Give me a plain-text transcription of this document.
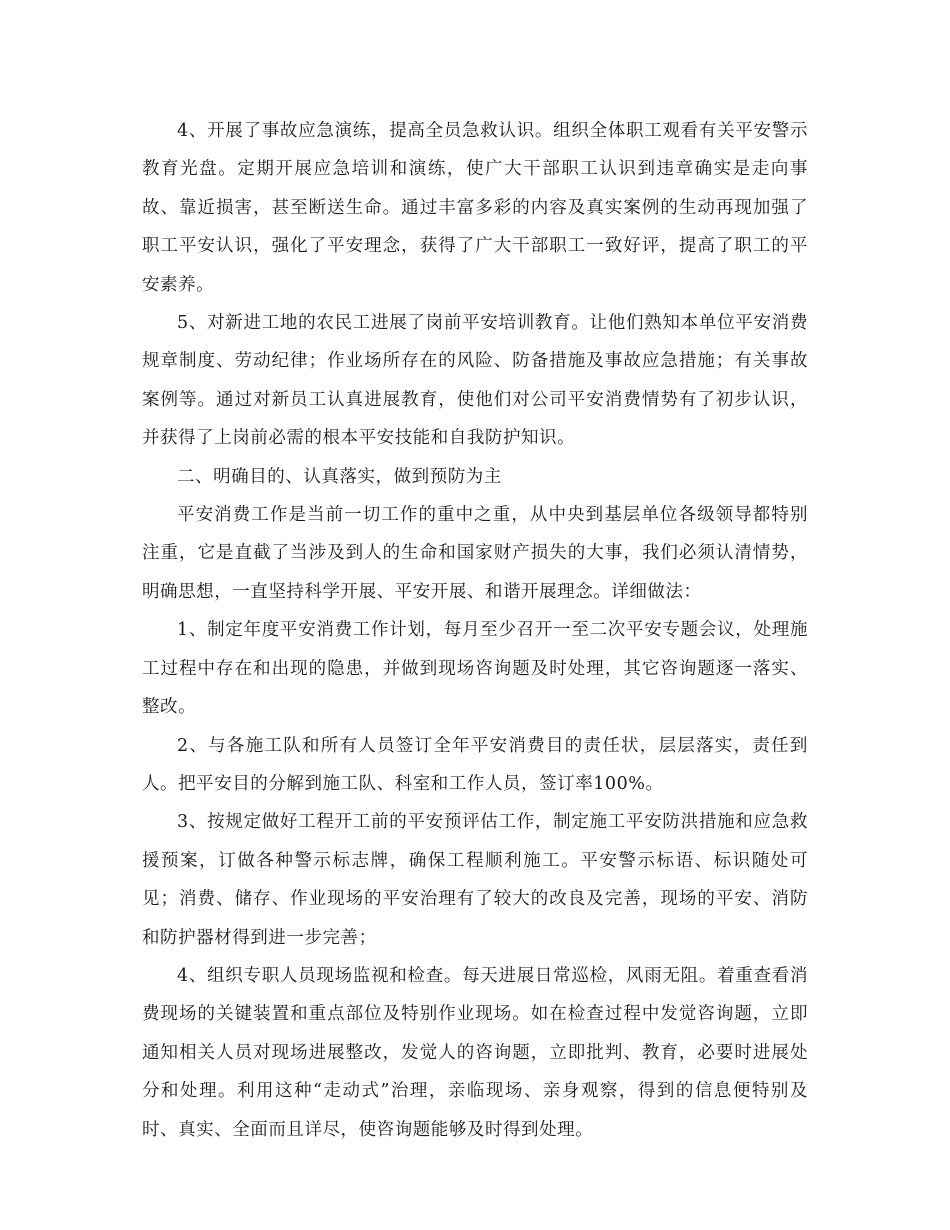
4、开展了事故应急演练，提高全员急救认识。组织全体职工观看有关平安警示教育光盘。定期开展应急培训和演练，使广大干部职工认识到违章确实是走向事故、靠近损害，甚至断送生命。通过丰富多彩的内容及真实案例的生动再现加强了职工平安认识，强化了平安理念，获得了广大干部职工一致好评，提高了职工的平安素养。

5、对新进工地的农民工进展了岗前平安培训教育。让他们熟知本单位平安消费规章制度、劳动纪律；作业场所存在的风险、防备措施及事故应急措施；有关事故案例等。通过对新员工认真进展教育，使他们对公司平安消费情势有了初步认识，并获得了上岗前必需的根本平安技能和自我防护知识。

二、明确目的、认真落实，做到预防为主

平安消费工作是当前一切工作的重中之重，从中央到基层单位各级领导都特别注重，它是直截了当涉及到人的生命和国家财产损失的大事，我们必须认清情势，明确思想，一直坚持科学开展、平安开展、和谐开展理念。详细做法：

1、制定年度平安消费工作计划，每月至少召开一至二次平安专题会议，处理施工过程中存在和出现的隐患，并做到现场咨询题及时处理，其它咨询题逐一落实、整改。

2、与各施工队和所有人员签订全年平安消费目的责任状，层层落实，责任到人。把平安目的分解到施工队、科室和工作人员，签订率100%。

3、按规定做好工程开工前的平安预评估工作，制定施工平安防洪措施和应急救援预案，订做各种警示标志牌，确保工程顺利施工。平安警示标语、标识随处可见；消费、储存、作业现场的平安治理有了较大的改良及完善，现场的平安、消防和防护器材得到进一步完善；

4、组织专职人员现场监视和检查。每天进展日常巡检，风雨无阻。着重查看消费现场的关键装置和重点部位及特别作业现场。如在检查过程中发觉咨询题，立即通知相关人员对现场进展整改，发觉人的咨询题，立即批判、教育，必要时进展处分和处理。利用这种“走动式”治理，亲临现场、亲身观察，得到的信息便特别及时、真实、全面而且详尽，使咨询题能够及时得到处理。
